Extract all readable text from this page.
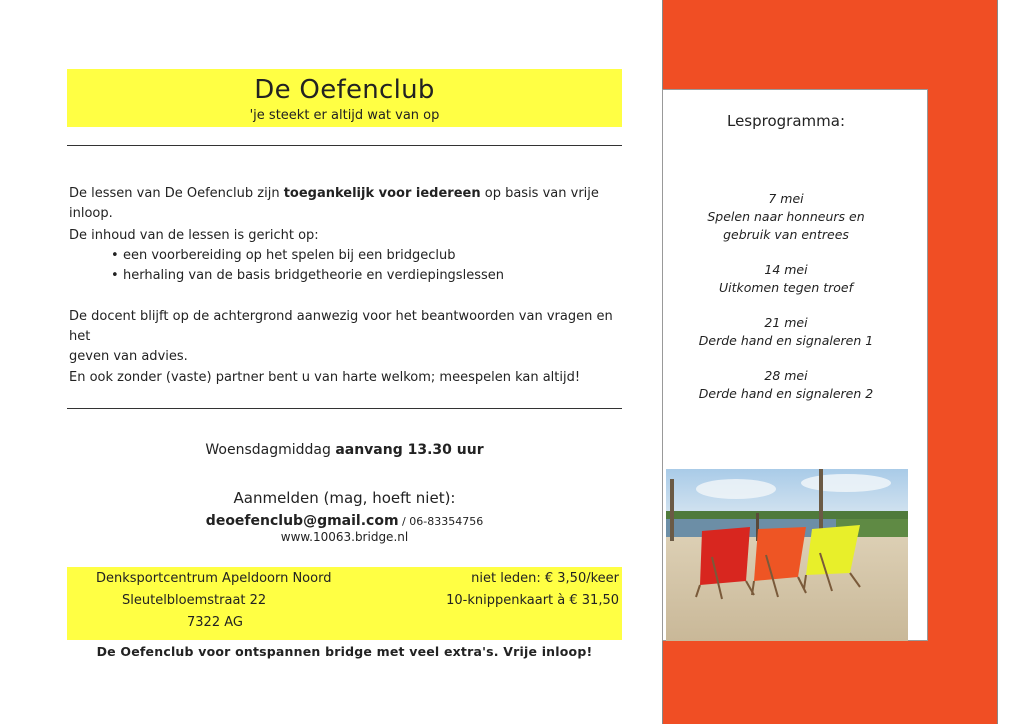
De Oefenclub
'je steekt er altijd wat van op
De lessen van De Oefenclub zijn toegankelijk voor iedereen op basis van vrije inloop.
De inhoud van de lessen is gericht op:
• een voorbereiding op het spelen bij een bridgeclub
• herhaling van de basis bridgetheorie en verdiepingslessen
De docent blijft op de achtergrond aanwezig voor het beantwoorden van vragen en het
geven van advies.
En ook zonder (vaste) partner bent u van harte welkom; meespelen kan altijd!
Woensdagmiddag aanvang 13.30 uur
Aanmelden (mag, hoeft niet):
deoefenclub@gmail.com / 06-83354756
www.10063.bridge.nl
Denksportcentrum Apeldoorn Noord
Sleutelbloemstraat 22
7322 AG
niet leden: € 3,50/keer
10-knippenkaart à € 31,50
De Oefenclub voor ontspannen bridge met veel extra's. Vrije inloop!
Lesprogramma:
7 mei
Spelen naar honneurs en
gebruik van entrees
14 mei
Uitkomen tegen troef
21 mei
Derde hand en signaleren 1
28 mei
Derde hand en signaleren 2
